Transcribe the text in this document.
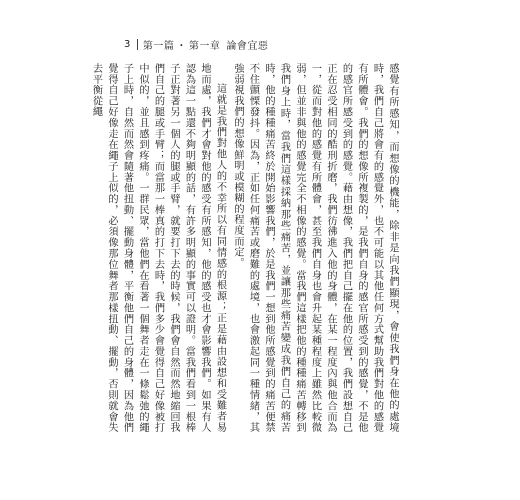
3 第一篇 ・ 第一章 論會宜惡

感覺有所感知，而想像的機能，除非是向我們顯現，會使我們身在他的處境時，我們自己將會有的感覺外，也不可能以其他任何方式幫助我們對他的感覺有所體會。我們的想像所複製的，是我們自身的感官所感受到的感覺，不是他的感官所感受到的感覺。藉由想像，我們把自己擺在他的位置，我們設想自己正在忍受相同的酷刑折磨，我們彷彿進入他的身體，在某一程度內與他合而為一，從而對他的感覺有所體會，甚至我們自身也會升起某種程度上雖然比較微弱，但並非與他的感覺完全不相像的感覺。當我們這樣把他的種種痛苦轉移到我們身上時，當我們這樣採納那些痛苦，並讓那些痛苦變成我們自己的痛苦時，他的種種痛苦終於開始影響我們，於是我們一想到他所感覺到的痛苦便禁不住顫慄發抖。因為，正如任何痛苦或磨難的處境，也會激起同一種情緒，其強弱視我們的想像鮮明或模糊的程度而定。

這就是我們對他人的不幸所以有同情感的根源；正是藉由設想和受難者易地而處，我們才會對他的感受有所感知，他的感受也才會影響我們。如果有人認為這一點還不夠明顯的話，有許多明顯的事實可以證明。當我們看到一根棒子正對著另一個人的腿或手臂，就要打下去的時候，我們會自然而然地縮回我們自己的腿或手臂；而當那一棒真的打下去時，我們多少會覺得自己好像被打中似的，並且感到疼痛。一群民眾，當他們在看著一個舞者走在一條鬆弛的繩子上時，自然而然會隨著他扭動、擺動身體，平衡他們自己的身體，因為他們覺得自己好像走在繩子上似的，必須像那位舞者那樣扭動、擺動，否則就會失去平衡從繩
